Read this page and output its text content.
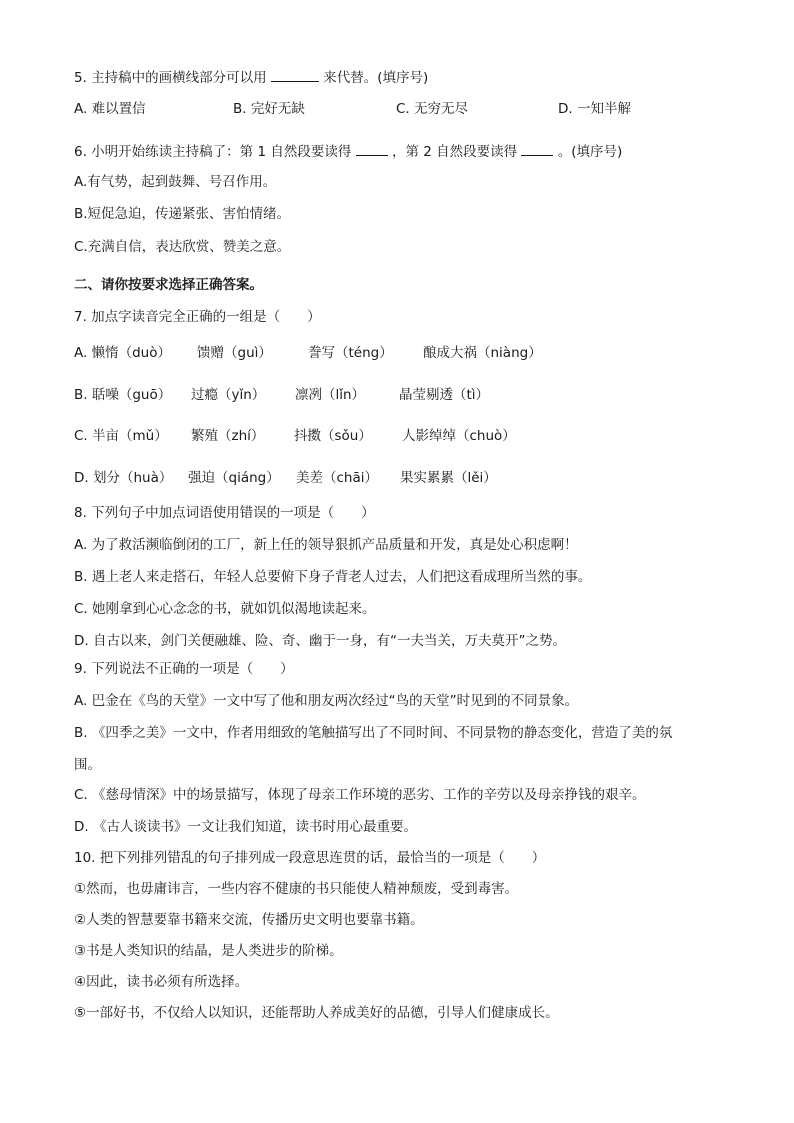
5. 主持稿中的画横线部分可以用	来代替。(填序号)
A. 难以置信	B. 完好无缺	C. 无穷无尽	D. 一知半解
6. 小明开始练读主持稿了：第 1 自然段要读得	，第 2 自然段要读得	。(填序号)
A.有气势，起到鼓舞、号召作用。
B.短促急迫，传递紧张、害怕情绪。
C.充满自信，表达欣赏、赞美之意。
二、请你按要求选择正确答案。
7. 加点字读音完全正确的一组是（　　）
A. 懒惰（duò） 馈赠（guì）	誊写（téng） 酿成大祸（niàng）
B. 聒噪（guō） 过瘾（yǐn） 凛冽（lǐn）	晶莹剔透（tì）
C. 半亩（mǔ） 繁殖（zhí） 抖擞（sǒu） 人影绰绰（chuò）
D. 划分（huà） 强迫（qiáng） 美差（chāi） 果实累累（lěi）
8. 下列句子中加点词语使用错误的一项是（　　）
A. 为了救活濒临倒闭的工厂，新上任的领导狠抓产品质量和开发，真是处心积虑啊！
B. 遇上老人来走搭石，年轻人总要俯下身子背老人过去，人们把这看成理所当然的事。
C. 她刚拿到心心念念的书，就如饥似渴地读起来。
D. 自古以来，剑门关便融雄、险、奇、幽于一身，有“一夫当关，万夫莫开”之势。
9. 下列说法不正确的一项是（　　）
A. 巴金在《鸟的天堂》一文中写了他和朋友两次经过“鸟的天堂”时见到的不同景象。
B. 《四季之美》一文中，作者用细致的笔触描写出了不同时间、不同景物的静态变化，营造了美的氛
围。
C. 《慈母情深》中的场景描写，体现了母亲工作环境的恶劣、工作的辛劳以及母亲挣钱的艰辛。
D. 《古人谈读书》一文让我们知道，读书时用心最重要。
10. 把下列排列错乱的句子排列成一段意思连贯的话，最恰当的一项是（　　）
①然而，也毋庸讳言，一些内容不健康的书只能使人精神颓废，受到毒害。
②人类的智慧要靠书籍来交流，传播历史文明也要靠书籍。
③书是人类知识的结晶，是人类进步的阶梯。
④因此，读书必须有所选择。
⑤一部好书，不仅给人以知识，还能帮助人养成美好的品德，引导人们健康成长。
